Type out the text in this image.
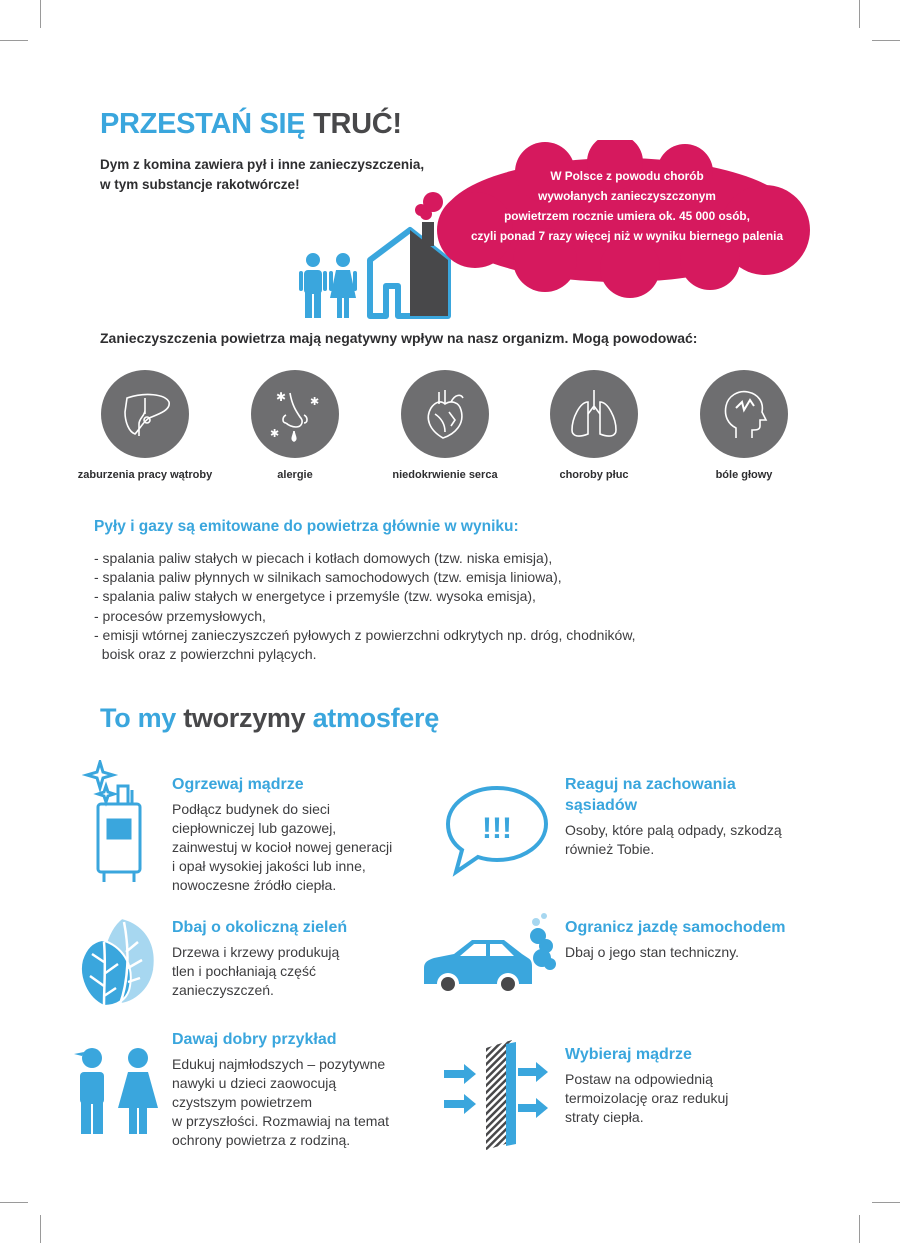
PRZESTAŃ SIĘ TRUĆ!
Dym z komina zawiera pył i inne zanieczyszczenia,
w tym substancje rakotwórcze!
W Polsce z powodu chorób
wywołanych zanieczyszczonym
powietrzem rocznie umiera ok. 45 000 osób,
czyli ponad 7 razy więcej niż w wyniku biernego palenia
Zanieczyszczenia powietrza mają negatywny wpływ na nasz organizm. Mogą powodować:
zaburzenia pracy wątroby
✱ ✱
✱
alergie	niedokrwienie serca	choroby płuc	bóle głowy
Pyły i gazy są emitowane do powietrza głównie w wyniku:
- spalania paliw stałych w piecach i kotłach domowych (tzw. niska emisja),
- spalania paliw płynnych w silnikach samochodowych (tzw. emisja liniowa),
- spalania paliw stałych w energetyce i przemyśle (tzw. wysoka emisja),
- procesów przemysłowych,
- emisji wtórnej zanieczyszczeń pyłowych z powierzchni odkrytych np. dróg, chodników,
boisk oraz z powierzchni pylących.
To my tworzymy atmosferę
Ogrzewaj mądrze
Podłącz budynek do sieci
ciepłowniczej lub gazowej,
zainwestuj w kocioł nowej generacji
i opał wysokiej jakości lub inne,
nowoczesne źródło ciepła.
!!!
Reaguj na zachowania
sąsiadów
Osoby, które palą odpady, szkodzą
również Tobie.
Dbaj o okoliczną zieleń
Drzewa i krzewy produkują
tlen i pochłaniają część
zanieczyszczeń.
Ogranicz jazdę samochodem
Dbaj o jego stan techniczny.
Dawaj dobry przykład
Edukuj najmłodszych – pozytywne
nawyki u dzieci zaowocują
czystszym powietrzem
w przyszłości. Rozmawiaj na temat
ochrony powietrza z rodziną.
Wybieraj mądrze
Postaw na odpowiednią
termoizolację oraz redukuj
straty ciepła.
